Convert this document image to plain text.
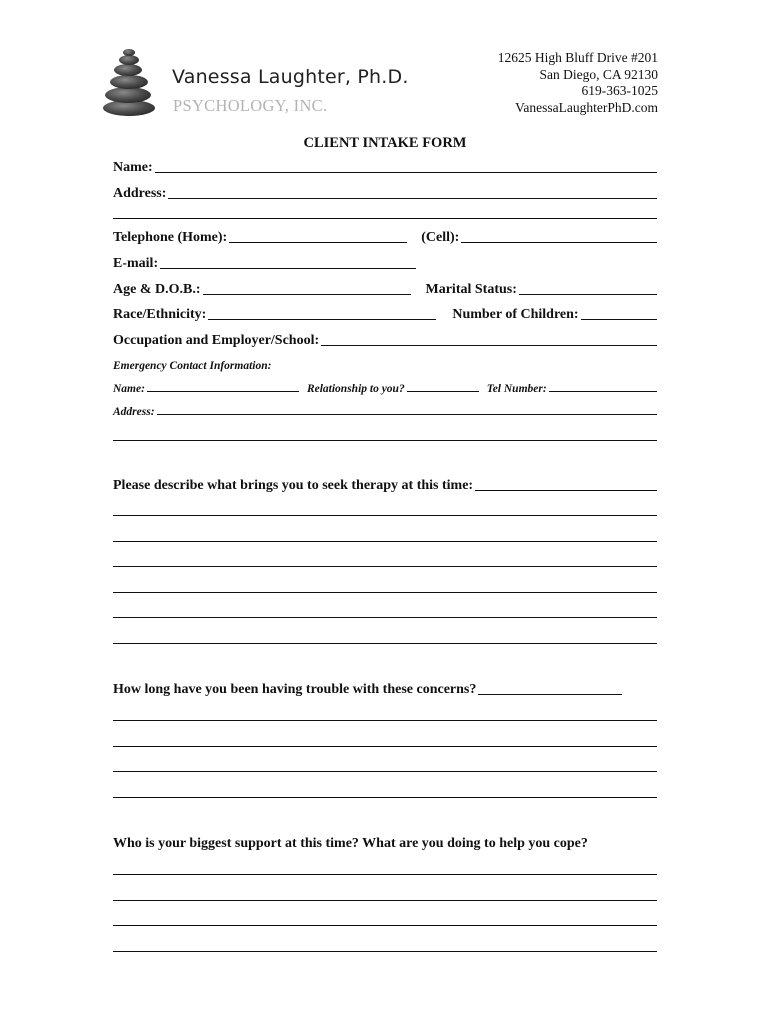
Vanessa Laughter, Ph.D.
PSYCHOLOGY, INC.
12625 High Bluff Drive #201
San Diego, CA 92130
619-363-1025
VanessaLaughterPhD.com
CLIENT INTAKE FORM
Name:
Address:
Telephone (Home):	(Cell):
E-mail:
Age & D.O.B.:	Marital Status:
Race/Ethnicity:	Number of Children:
Occupation and Employer/School:
Emergency Contact Information:
Name:	Relationship to you?	Tel Number:
Address:
Please describe what brings you to seek therapy at this time:
How long have you been having trouble with these concerns?
Who is your biggest support at this time? What are you doing to help you cope?
